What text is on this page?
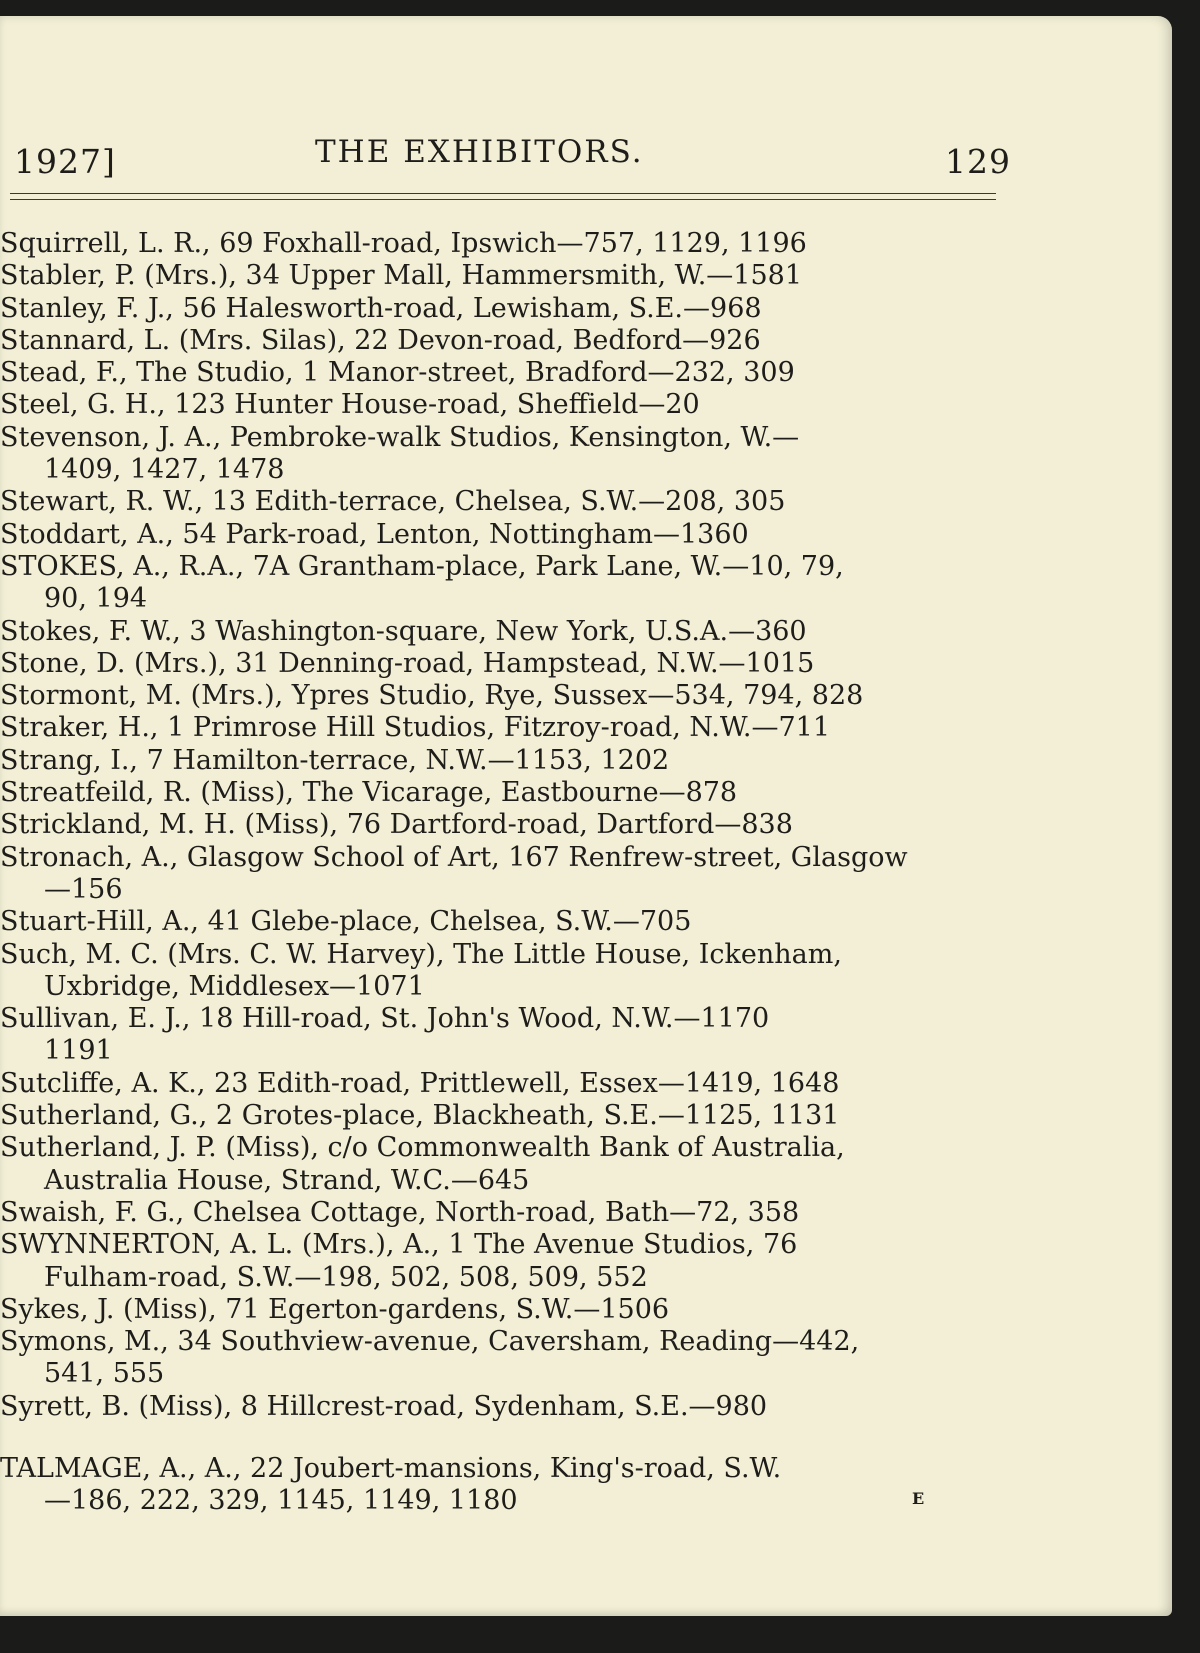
1927]	THE EXHIBITORS.	129
Squirrell, L. R., 69 Foxhall-road, Ipswich—757, 1129, 1196
Stabler, P. (Mrs.), 34 Upper Mall, Hammersmith, W.—1581
Stanley, F. J., 56 Halesworth-road, Lewisham, S.E.—968
Stannard, L. (Mrs. Silas), 22 Devon-road, Bedford—926
Stead, F., The Studio, 1 Manor-street, Bradford—232, 309
Steel, G. H., 123 Hunter House-road, Sheffield—20
Stevenson, J. A., Pembroke-walk Studios, Kensington, W.—
1409, 1427, 1478
Stewart, R. W., 13 Edith-terrace, Chelsea, S.W.—208, 305
Stoddart, A., 54 Park-road, Lenton, Nottingham—1360
STOKES, A., R.A., 7A Grantham-place, Park Lane, W.—10, 79,
90, 194
Stokes, F. W., 3 Washington-square, New York, U.S.A.—360
Stone, D. (Mrs.), 31 Denning-road, Hampstead, N.W.—1015
Stormont, M. (Mrs.), Ypres Studio, Rye, Sussex—534, 794, 828
Straker, H., 1 Primrose Hill Studios, Fitzroy-road, N.W.—711
Strang, I., 7 Hamilton-terrace, N.W.—1153, 1202
Streatfeild, R. (Miss), The Vicarage, Eastbourne—878
Strickland, M. H. (Miss), 76 Dartford-road, Dartford—838
Stronach, A., Glasgow School of Art, 167 Renfrew-street, Glasgow
—156
Stuart-Hill, A., 41 Glebe-place, Chelsea, S.W.—705
Such, M. C. (Mrs. C. W. Harvey), The Little House, Ickenham,
Uxbridge, Middlesex—1071
Sullivan, E. J., 18 Hill-road, St. John's Wood, N.W.—1170
1191
Sutcliffe, A. K., 23 Edith-road, Prittlewell, Essex—1419, 1648
Sutherland, G., 2 Grotes-place, Blackheath, S.E.—1125, 1131
Sutherland, J. P. (Miss), c/o Commonwealth Bank of Australia,
Australia House, Strand, W.C.—645
Swaish, F. G., Chelsea Cottage, North-road, Bath—72, 358
SWYNNERTON, A. L. (Mrs.), A., 1 The Avenue Studios, 76
Fulham-road, S.W.—198, 502, 508, 509, 552
Sykes, J. (Miss), 71 Egerton-gardens, S.W.—1506
Symons, M., 34 Southview-avenue, Caversham, Reading—442,
541, 555
Syrett, B. (Miss), 8 Hillcrest-road, Sydenham, S.E.—980
TALMAGE, A., A., 22 Joubert-mansions, King's-road, S.W.
—186, 222, 329, 1145, 1149, 1180	E
